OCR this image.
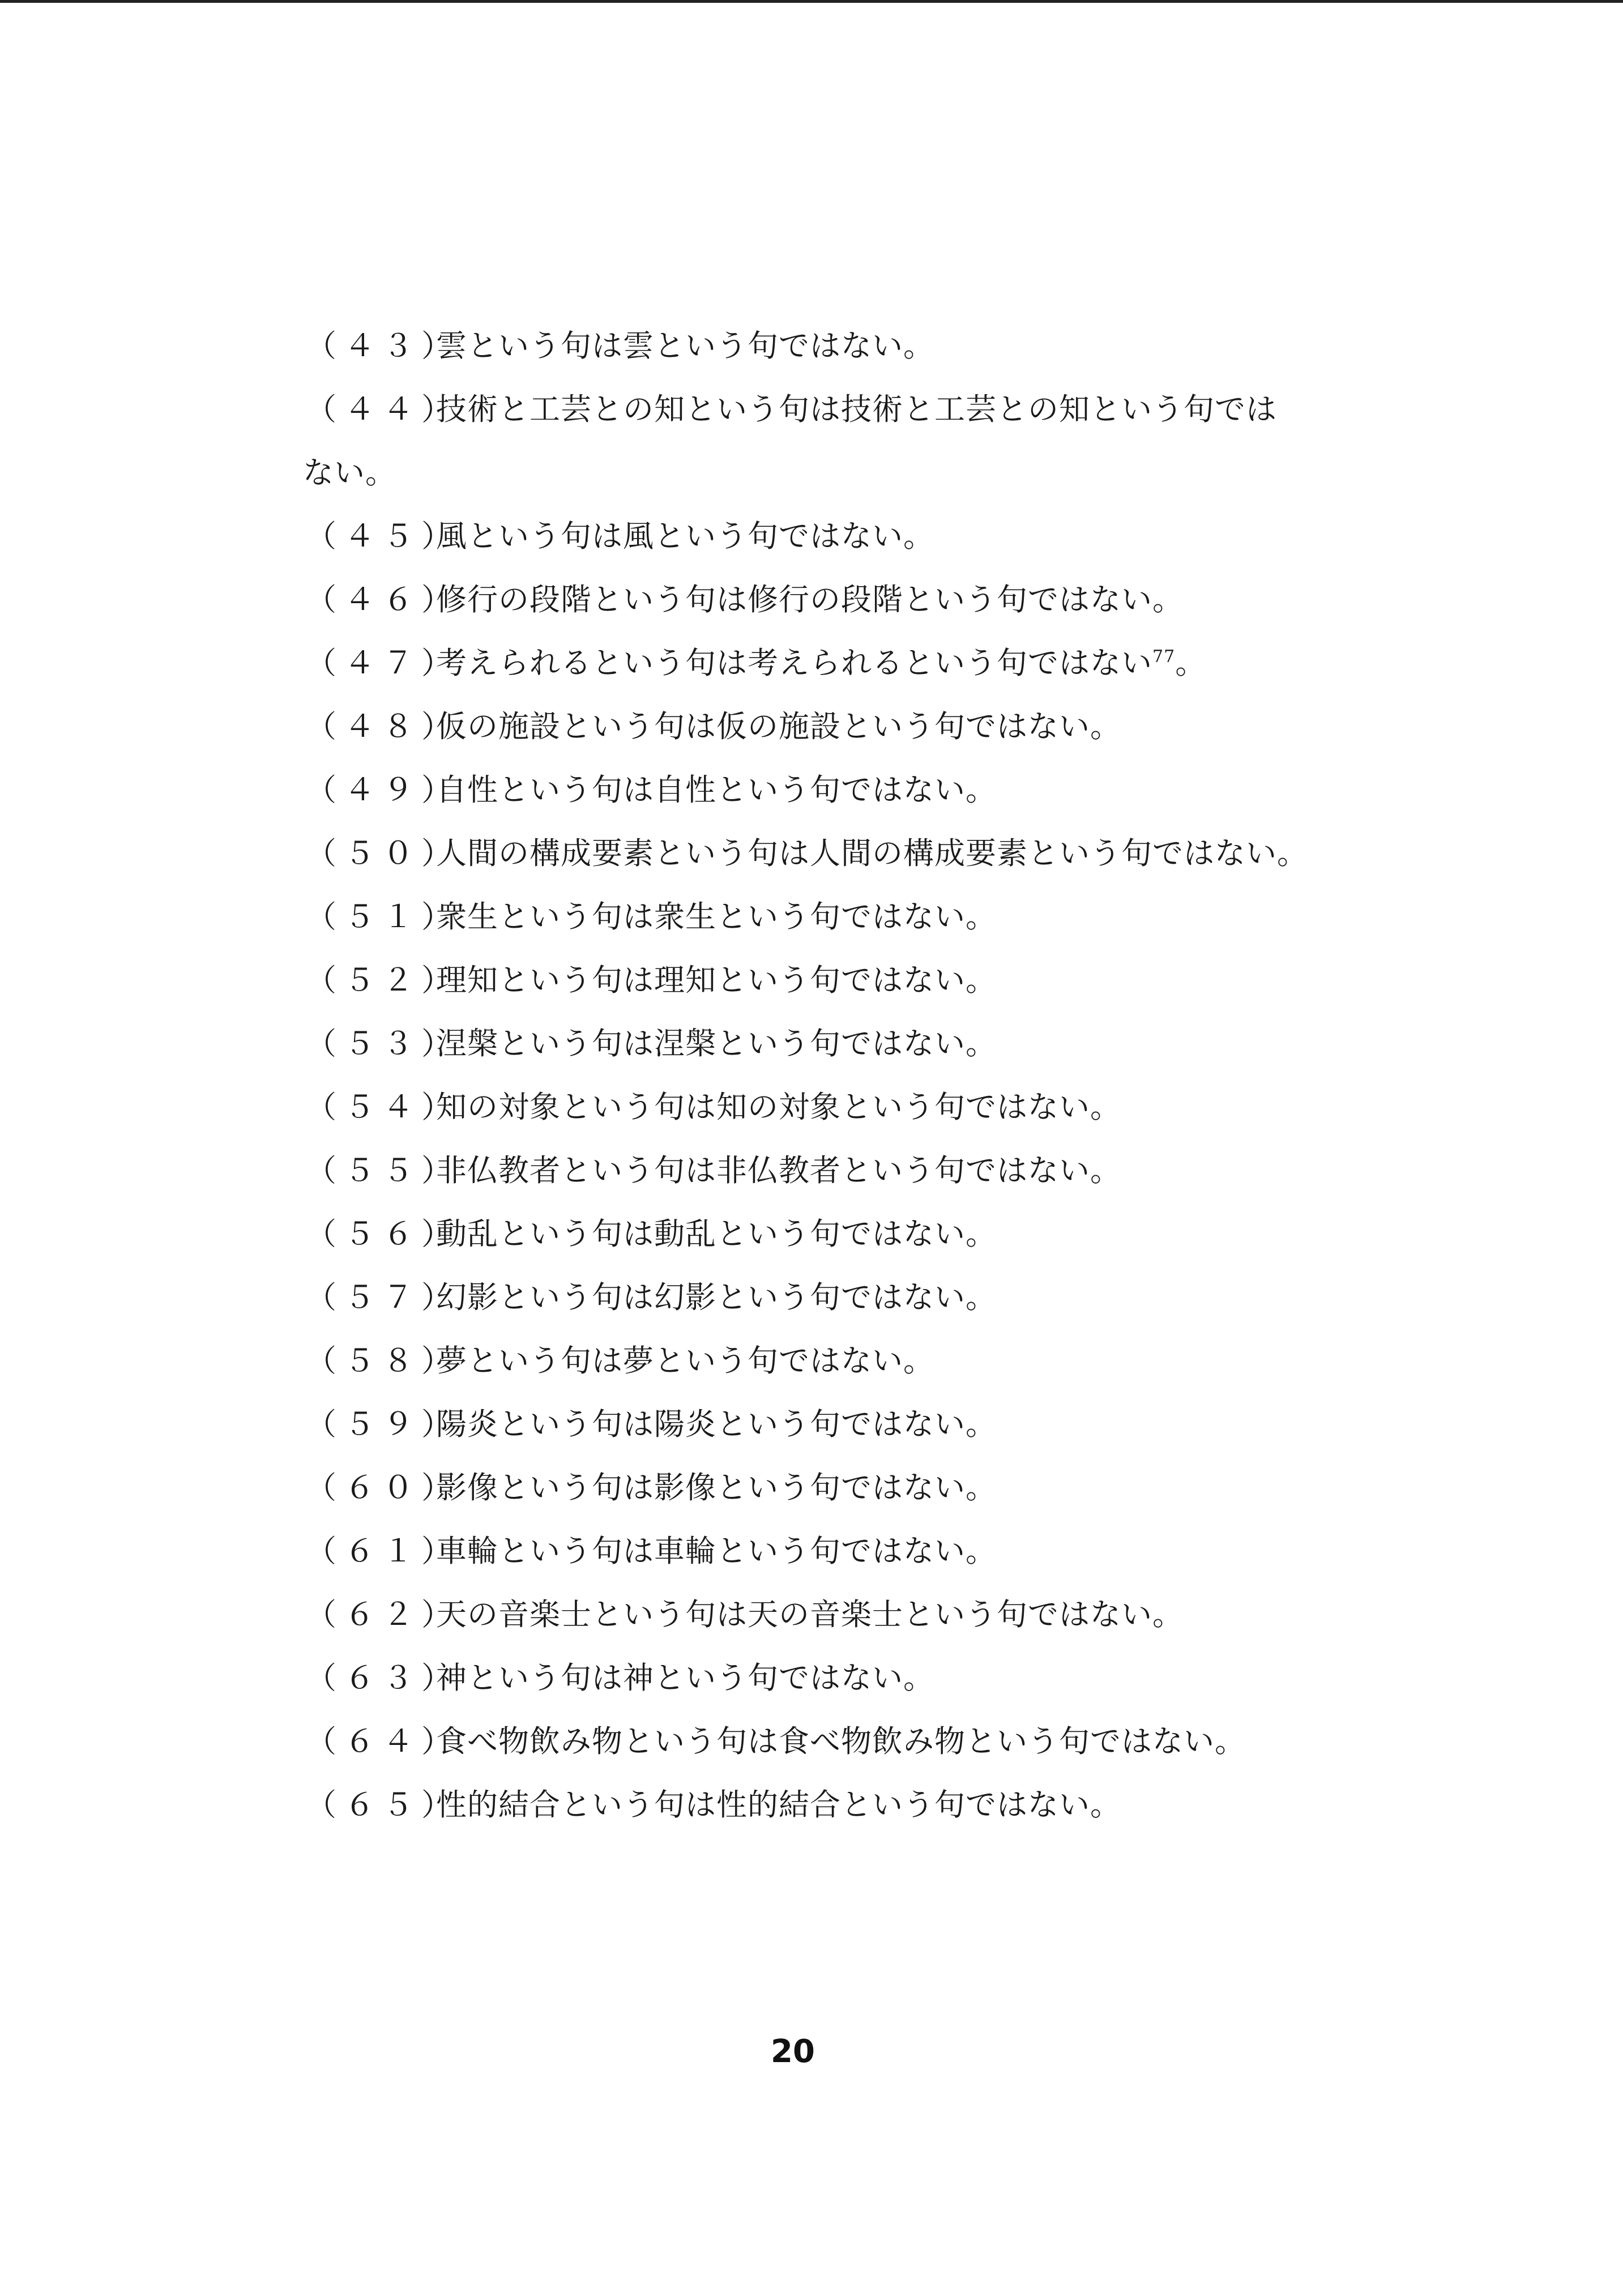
（４３）雲という句は雲という句ではない。
（４４）技術と工芸との知という句は技術と工芸との知という句では
ない。
（４５）風という句は風という句ではない。
（４６）修行の段階という句は修行の段階という句ではない。
（４７）考えられるという句は考えられるという句ではない$^{77}$。
（４８）仮の施設という句は仮の施設という句ではない。
（４９）自性という句は自性という句ではない。
（５０）人間の構成要素という句は人間の構成要素という句ではない。
（５１）衆生という句は衆生という句ではない。
（５２）理知という句は理知という句ではない。
（５３）涅槃という句は涅槃という句ではない。
（５４）知の対象という句は知の対象という句ではない。
（５５）非仏教者という句は非仏教者という句ではない。
（５６）動乱という句は動乱という句ではない。
（５７）幻影という句は幻影という句ではない。
（５８）夢という句は夢という句ではない。
（５９）陽炎という句は陽炎という句ではない。
（６０）影像という句は影像という句ではない。
（６１）車輪という句は車輪という句ではない。
（６２）天の音楽士という句は天の音楽士という句ではない。
（６３）神という句は神という句ではない。
（６４）食べ物飲み物という句は食べ物飲み物という句ではない。
（６５）性的結合という句は性的結合という句ではない。
20
